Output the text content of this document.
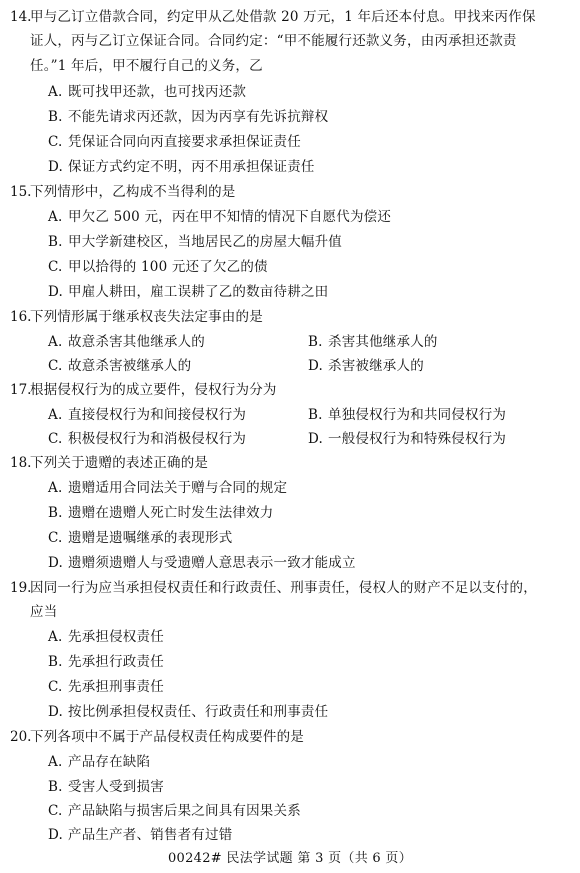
14.
甲与乙订立借款合同，约定甲从乙处借款 20 万元，1 年后还本付息。甲找来丙作保
证人，丙与乙订立保证合同。合同约定：“甲不能履行还款义务，由丙承担还款责
任。”1 年后，甲不履行自己的义务，乙
A. 既可找甲还款，也可找丙还款
B. 不能先请求丙还款，因为丙享有先诉抗辩权
C. 凭保证合同向丙直接要求承担保证责任
D. 保证方式约定不明，丙不用承担保证责任
15.
下列情形中，乙构成不当得利的是
A. 甲欠乙 500 元，丙在甲不知情的情况下自愿代为偿还
B. 甲大学新建校区，当地居民乙的房屋大幅升值
C. 甲以拾得的 100 元还了欠乙的债
D. 甲雇人耕田，雇工误耕了乙的数亩待耕之田
16.
下列情形属于继承权丧失法定事由的是
A. 故意杀害其他继承人的	B. 杀害其他继承人的
C. 故意杀害被继承人的	D. 杀害被继承人的
17.
根据侵权行为的成立要件，侵权行为分为
A. 直接侵权行为和间接侵权行为	B. 单独侵权行为和共同侵权行为
C. 积极侵权行为和消极侵权行为	D. 一般侵权行为和特殊侵权行为
18.
下列关于遗赠的表述正确的是
A. 遗赠适用合同法关于赠与合同的规定
B. 遗赠在遗赠人死亡时发生法律效力
C. 遗赠是遗嘱继承的表现形式
D. 遗赠须遗赠人与受遗赠人意思表示一致才能成立
19.
因同一行为应当承担侵权责任和行政责任、刑事责任，侵权人的财产不足以支付的，
应当
A. 先承担侵权责任
B. 先承担行政责任
C. 先承担刑事责任
D. 按比例承担侵权责任、行政责任和刑事责任
20.
下列各项中不属于产品侵权责任构成要件的是
A. 产品存在缺陷
B. 受害人受到损害
C. 产品缺陷与损害后果之间具有因果关系
D. 产品生产者、销售者有过错
00242# 民法学试题 第 3 页（共 6 页）
